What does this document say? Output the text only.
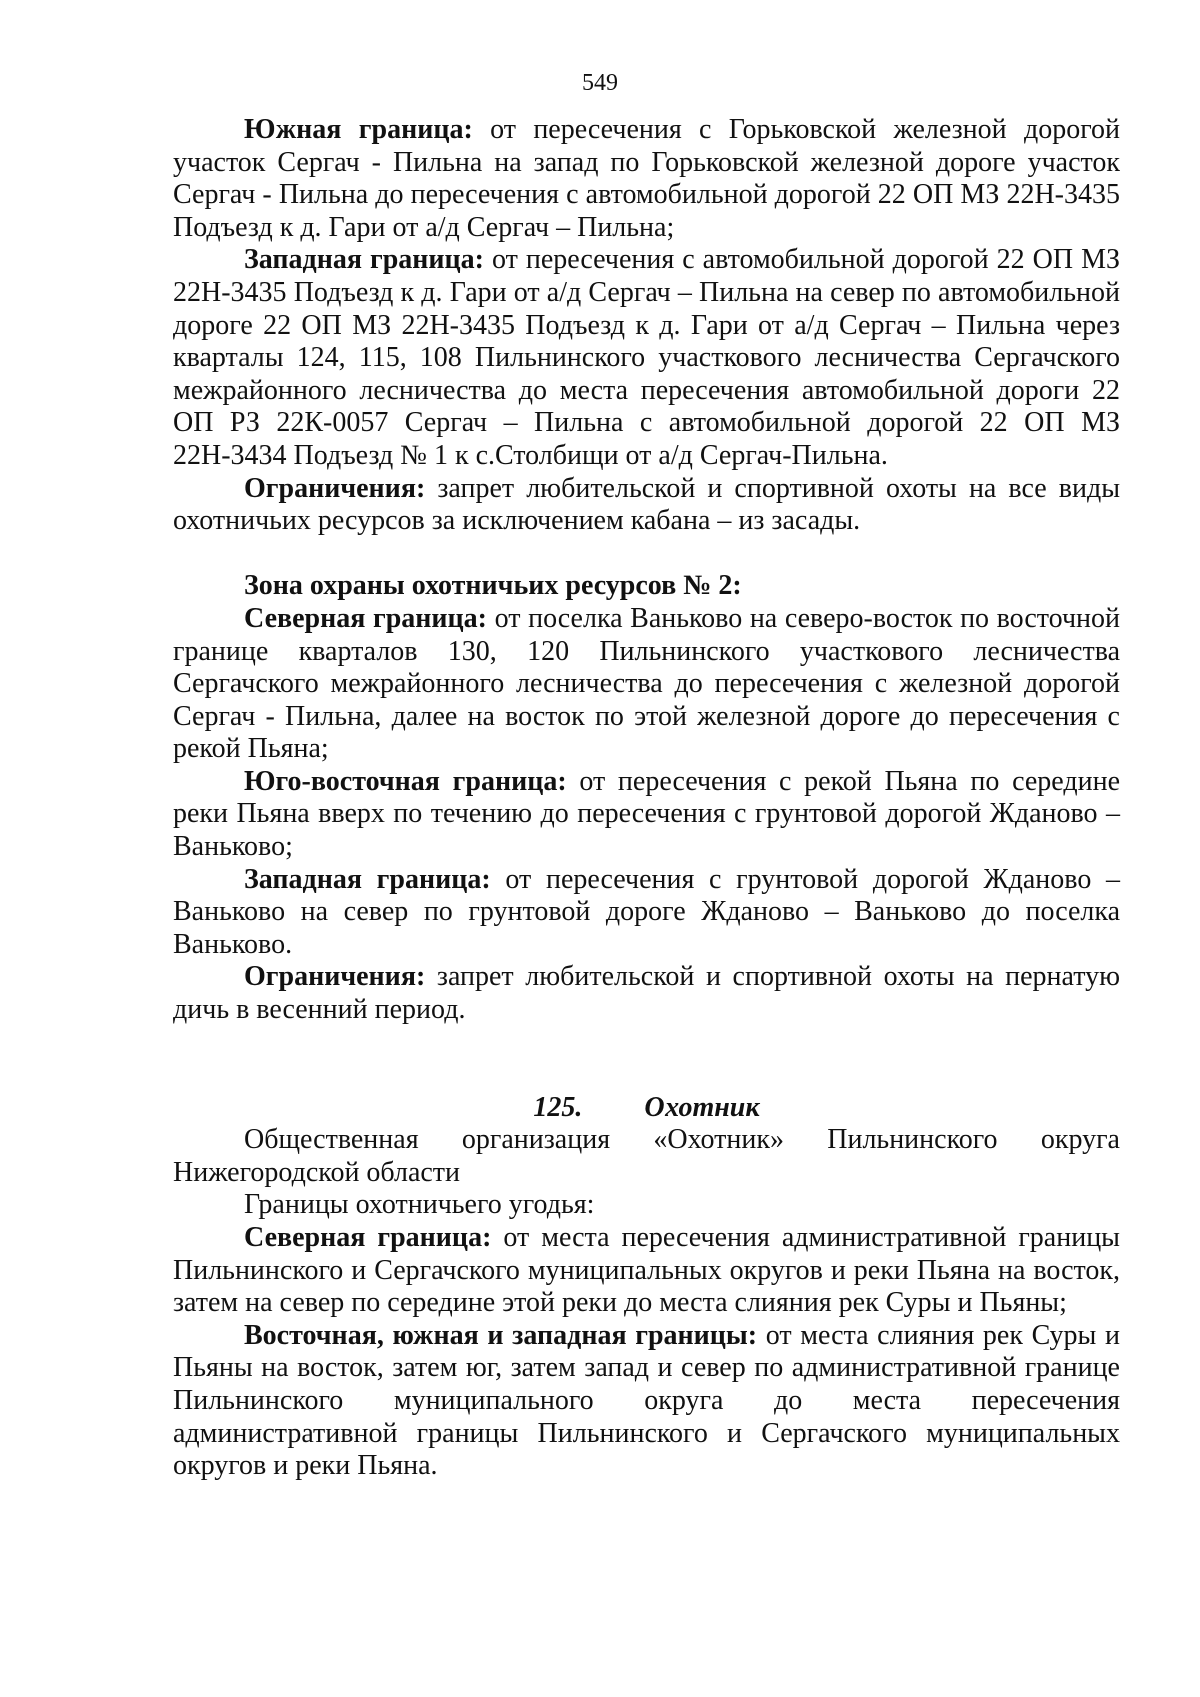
549

Южная граница: от пересечения с Горьковской железной дорогой участок Сергач - Пильна на запад по Горьковской железной дороге участок Сергач - Пильна до пересечения с автомобильной дорогой 22 ОП МЗ 22Н-3435 Подъезд к д. Гари от а/д Сергач – Пильна;

Западная граница: от пересечения с автомобильной дорогой 22 ОП МЗ 22Н-3435 Подъезд к д. Гари от а/д Сергач – Пильна на север по автомобильной дороге 22 ОП МЗ 22Н-3435 Подъезд к д. Гари от а/д Сергач – Пильна через кварталы 124, 115, 108 Пильнинского участкового лесничества Сергачского межрайонного лесничества до места пересечения автомобильной дороги 22 ОП РЗ 22К-0057 Сергач – Пильна с автомобильной дорогой 22 ОП МЗ 22Н-3434 Подъезд № 1 к с.Столбищи от а/д Сергач-Пильна.

Ограничения: запрет любительской и спортивной охоты на все виды охотничьих ресурсов за исключением кабана – из засады.

Зона охраны охотничьих ресурсов № 2:

Северная граница: от поселка Ваньково на северо-восток по восточной границе кварталов 130, 120 Пильнинского участкового лесничества Сергачского межрайонного лесничества до пересечения с железной дорогой Сергач - Пильна, далее на восток по этой железной дороге до пересечения с рекой Пьяна;

Юго-восточная граница: от пересечения с рекой Пьяна по середине реки Пьяна вверх по течению до пересечения с грунтовой дорогой Жданово – Ваньково;

Западная граница: от пересечения с грунтовой дорогой Жданово – Ваньково на север по грунтовой дороге Жданово – Ваньково до поселка Ваньково.

Ограничения: запрет любительской и спортивной охоты на пернатую дичь в весенний период.

125. Охотник

Общественная организация «Охотник» Пильнинского округа Нижегородской области

Границы охотничьего угодья:

Северная граница: от места пересечения административной границы Пильнинского и Сергачского муниципальных округов и реки Пьяна на восток, затем на север по середине этой реки до места слияния рек Суры и Пьяны;

Восточная, южная и западная границы: от места слияния рек Суры и Пьяны на восток, затем юг, затем запад и север по административной границе Пильнинского муниципального округа до места пересечения административной границы Пильнинского и Сергачского муниципальных округов и реки Пьяна.
